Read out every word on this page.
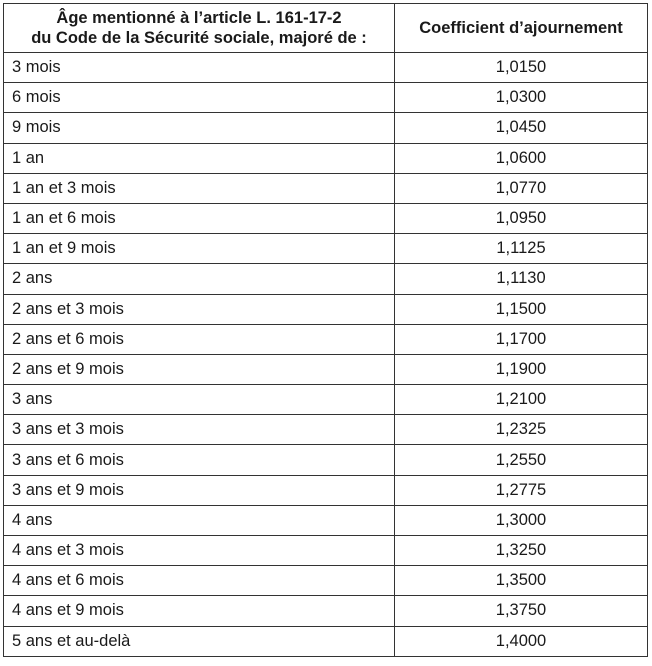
Âge mentionné à l’article L. 161-17-2
du Code de la Sécurité sociale, majoré de :	Coefficient d’ajournement
3 mois	1,0150
6 mois	1,0300
9 mois	1,0450
1 an	1,0600
1 an et 3 mois	1,0770
1 an et 6 mois	1,0950
1 an et 9 mois	1,1125
2 ans	1,1130
2 ans et 3 mois	1,1500
2 ans et 6 mois	1,1700
2 ans et 9 mois	1,1900
3 ans	1,2100
3 ans et 3 mois	1,2325
3 ans et 6 mois	1,2550
3 ans et 9 mois	1,2775
4 ans	1,3000
4 ans et 3 mois	1,3250
4 ans et 6 mois	1,3500
4 ans et 9 mois	1,3750
5 ans et au-delà	1,4000
